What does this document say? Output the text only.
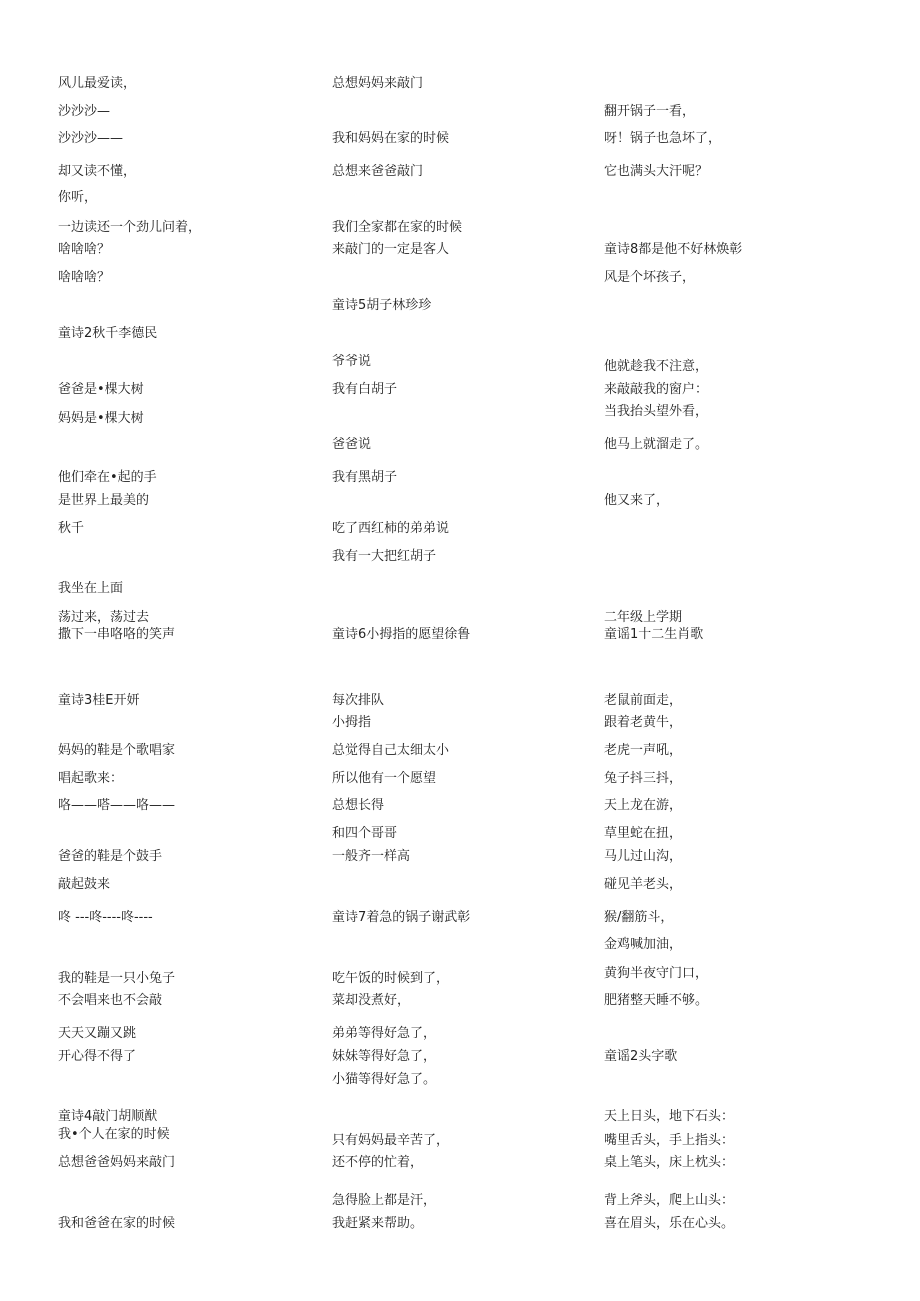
风儿最爱读，
沙沙沙—
沙沙沙——
却又读不懂，
你听，
一边读还一个劲儿问着，
啥啥啥？
啥啥啥？
童诗2秋千李德民
爸爸是•棵大树
妈妈是•棵大树
他们牵在•起的手
是世界上最美的
秋千
我坐在上面
荡过来，荡过去
撒下一串咯咯的笑声
童诗3桂E开妍
妈妈的鞋是个歌唱家
唱起歌来：
咯——嗒——咯——
爸爸的鞋是个鼓手
敲起鼓来
咚 ---咚----咚----
我的鞋是一只小兔子
不会唱来也不会敲
天天又蹦又跳
开心得不得了
童诗4敲门胡顺猷
我•个人在家的时候
总想爸爸妈妈来敲门
我和爸爸在家的时候
总想妈妈来敲门
我和妈妈在家的时候
总想来爸爸敲门
我们全家都在家的时候
来敲门的一定是客人
童诗5胡子林珍珍
爷爷说
我有白胡子
爸爸说
我有黑胡子
吃了西红柿的弟弟说
我有一大把红胡子
童诗6小拇指的愿望徐鲁
每次排队
小拇指
总觉得自己太细太小
所以他有一个愿望
总想长得
和四个哥哥
一般齐一样高
童诗7着急的锅子谢武彰
吃午饭的时候到了，
菜却没煮好，
弟弟等得好急了，
妹妹等得好急了，
小猫等得好急了。
只有妈妈最辛苦了，
还不停的忙着，
急得脸上都是汗，
我赶紧来帮助。
翻开锅子一看，
呀！锅子也急坏了，
它也满头大汗呢？
童诗8都是他不好林焕彰
风是个坏孩子，
他就趁我不注意，
来敲敲我的窗户：
当我抬头望外看，
他马上就溜走了。
他又来了，
二年级上学期
童谣1十二生肖歌
老鼠前面走，
跟着老黄牛，
老虎一声吼，
兔子抖三抖，
天上龙在游，
草里蛇在扭，
马儿过山沟，
碰见羊老头，
猴/翻筋斗，
金鸡喊加油，
黄狗半夜守门口，
肥猪整天睡不够。
童谣2头字歌
天上日头，地下石头：
嘴里舌头，手上指头：
桌上笔头，床上枕头：
背上斧头，爬上山头：
喜在眉头，乐在心头。
